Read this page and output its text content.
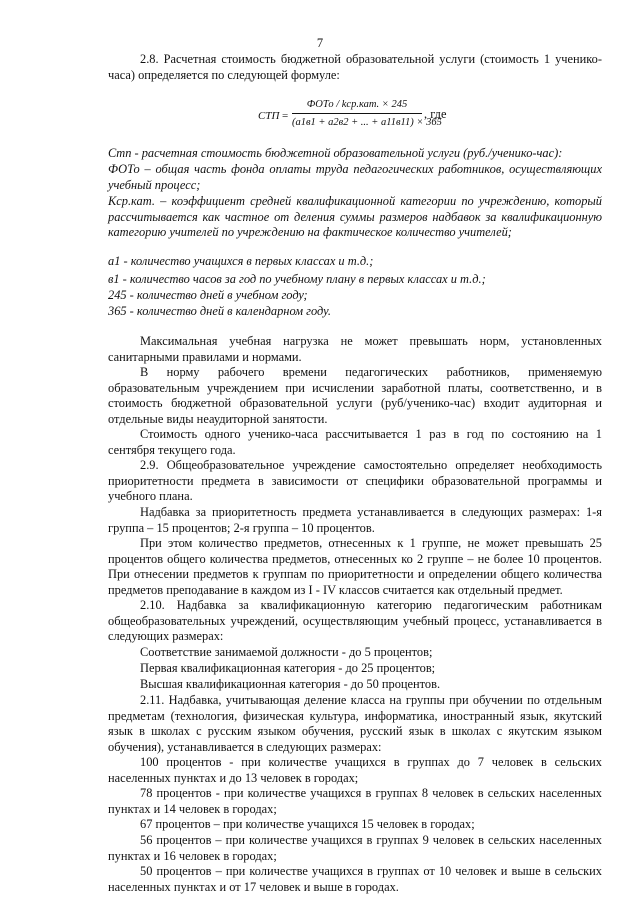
7
2.8. Расчетная стоимость бюджетной образовательной услуги (стоимость 1 ученико-часа) определяется по следующей формуле:
CТП =
ФОТо / kср.кат. × 245
(a1в1 + a2в2 + ... + a11в11) × 365
, где
Cтп - расчетная стоимость бюджетной образовательной услуги (руб./ученико-час):
ФОТо – общая часть фонда оплаты труда педагогических работников, осуществляющих учебный процесс;
Kср.кат. – коэффициент средней квалификационной категории по учреждению, который рассчитывается как частное от деления суммы размеров надбавок за квалификационную категорию учителей по учреждению на фактическое количество учителей;
a1 - количество учащихся в первых классах и т.д.;
в1 - количество часов за год по учебному плану в первых классах и т.д.;
245 - количество дней в учебном году;
365 - количество дней в календарном году.
Максимальная учебная нагрузка не может превышать норм, установленных санитарными правилами и нормами.
В норму рабочего времени педагогических работников, применяемую образовательным учреждением при исчислении заработной платы, соответственно, и в стоимость бюджетной образовательной услуги (руб/ученико-час) входит аудиторная и отдельные виды неаудиторной занятости.
Стоимость одного ученико-часа рассчитывается 1 раз в год по состоянию на 1 сентября текущего года.
2.9. Общеобразовательное учреждение самостоятельно определяет необходимость приоритетности предмета в зависимости от специфики образовательной программы и учебного плана.
Надбавка за приоритетность предмета устанавливается в следующих размерах: 1-я группа – 15 процентов; 2-я группа – 10 процентов.
При этом количество предметов, отнесенных к 1 группе, не может превышать 25 процентов общего количества предметов, отнесенных ко 2 группе – не более 10 процентов. При отнесении предметов к группам по приоритетности и определении общего количества предметов преподавание в каждом из I - IV классов считается как отдельный предмет.
2.10. Надбавка за квалификационную категорию педагогическим работникам общеобразовательных учреждений, осуществляющим учебный процесс, устанавливается в следующих размерах:
Соответствие занимаемой должности - до 5 процентов;
Первая квалификационная категория - до 25 процентов;
Высшая квалификационная категория - до 50 процентов.
2.11. Надбавка, учитывающая деление класса на группы при обучении по отдельным предметам (технология, физическая культура, информатика, иностранный язык, якутский язык в школах с русским языком обучения, русский язык в школах с якутским языком обучения), устанавливается в следующих размерах:
100 процентов - при количестве учащихся в группах до 7 человек в сельских населенных пунктах и до 13 человек в городах;
78 процентов - при количестве учащихся в группах 8 человек в сельских населенных пунктах и 14 человек в городах;
67 процентов – при количестве учащихся 15 человек в городах;
56 процентов – при количестве учащихся в группах 9 человек в сельских населенных пунктах и 16 человек в городах;
50 процентов – при количестве учащихся в группах от 10 человек и выше в сельских населенных пунктах и от 17 человек и выше в городах.
